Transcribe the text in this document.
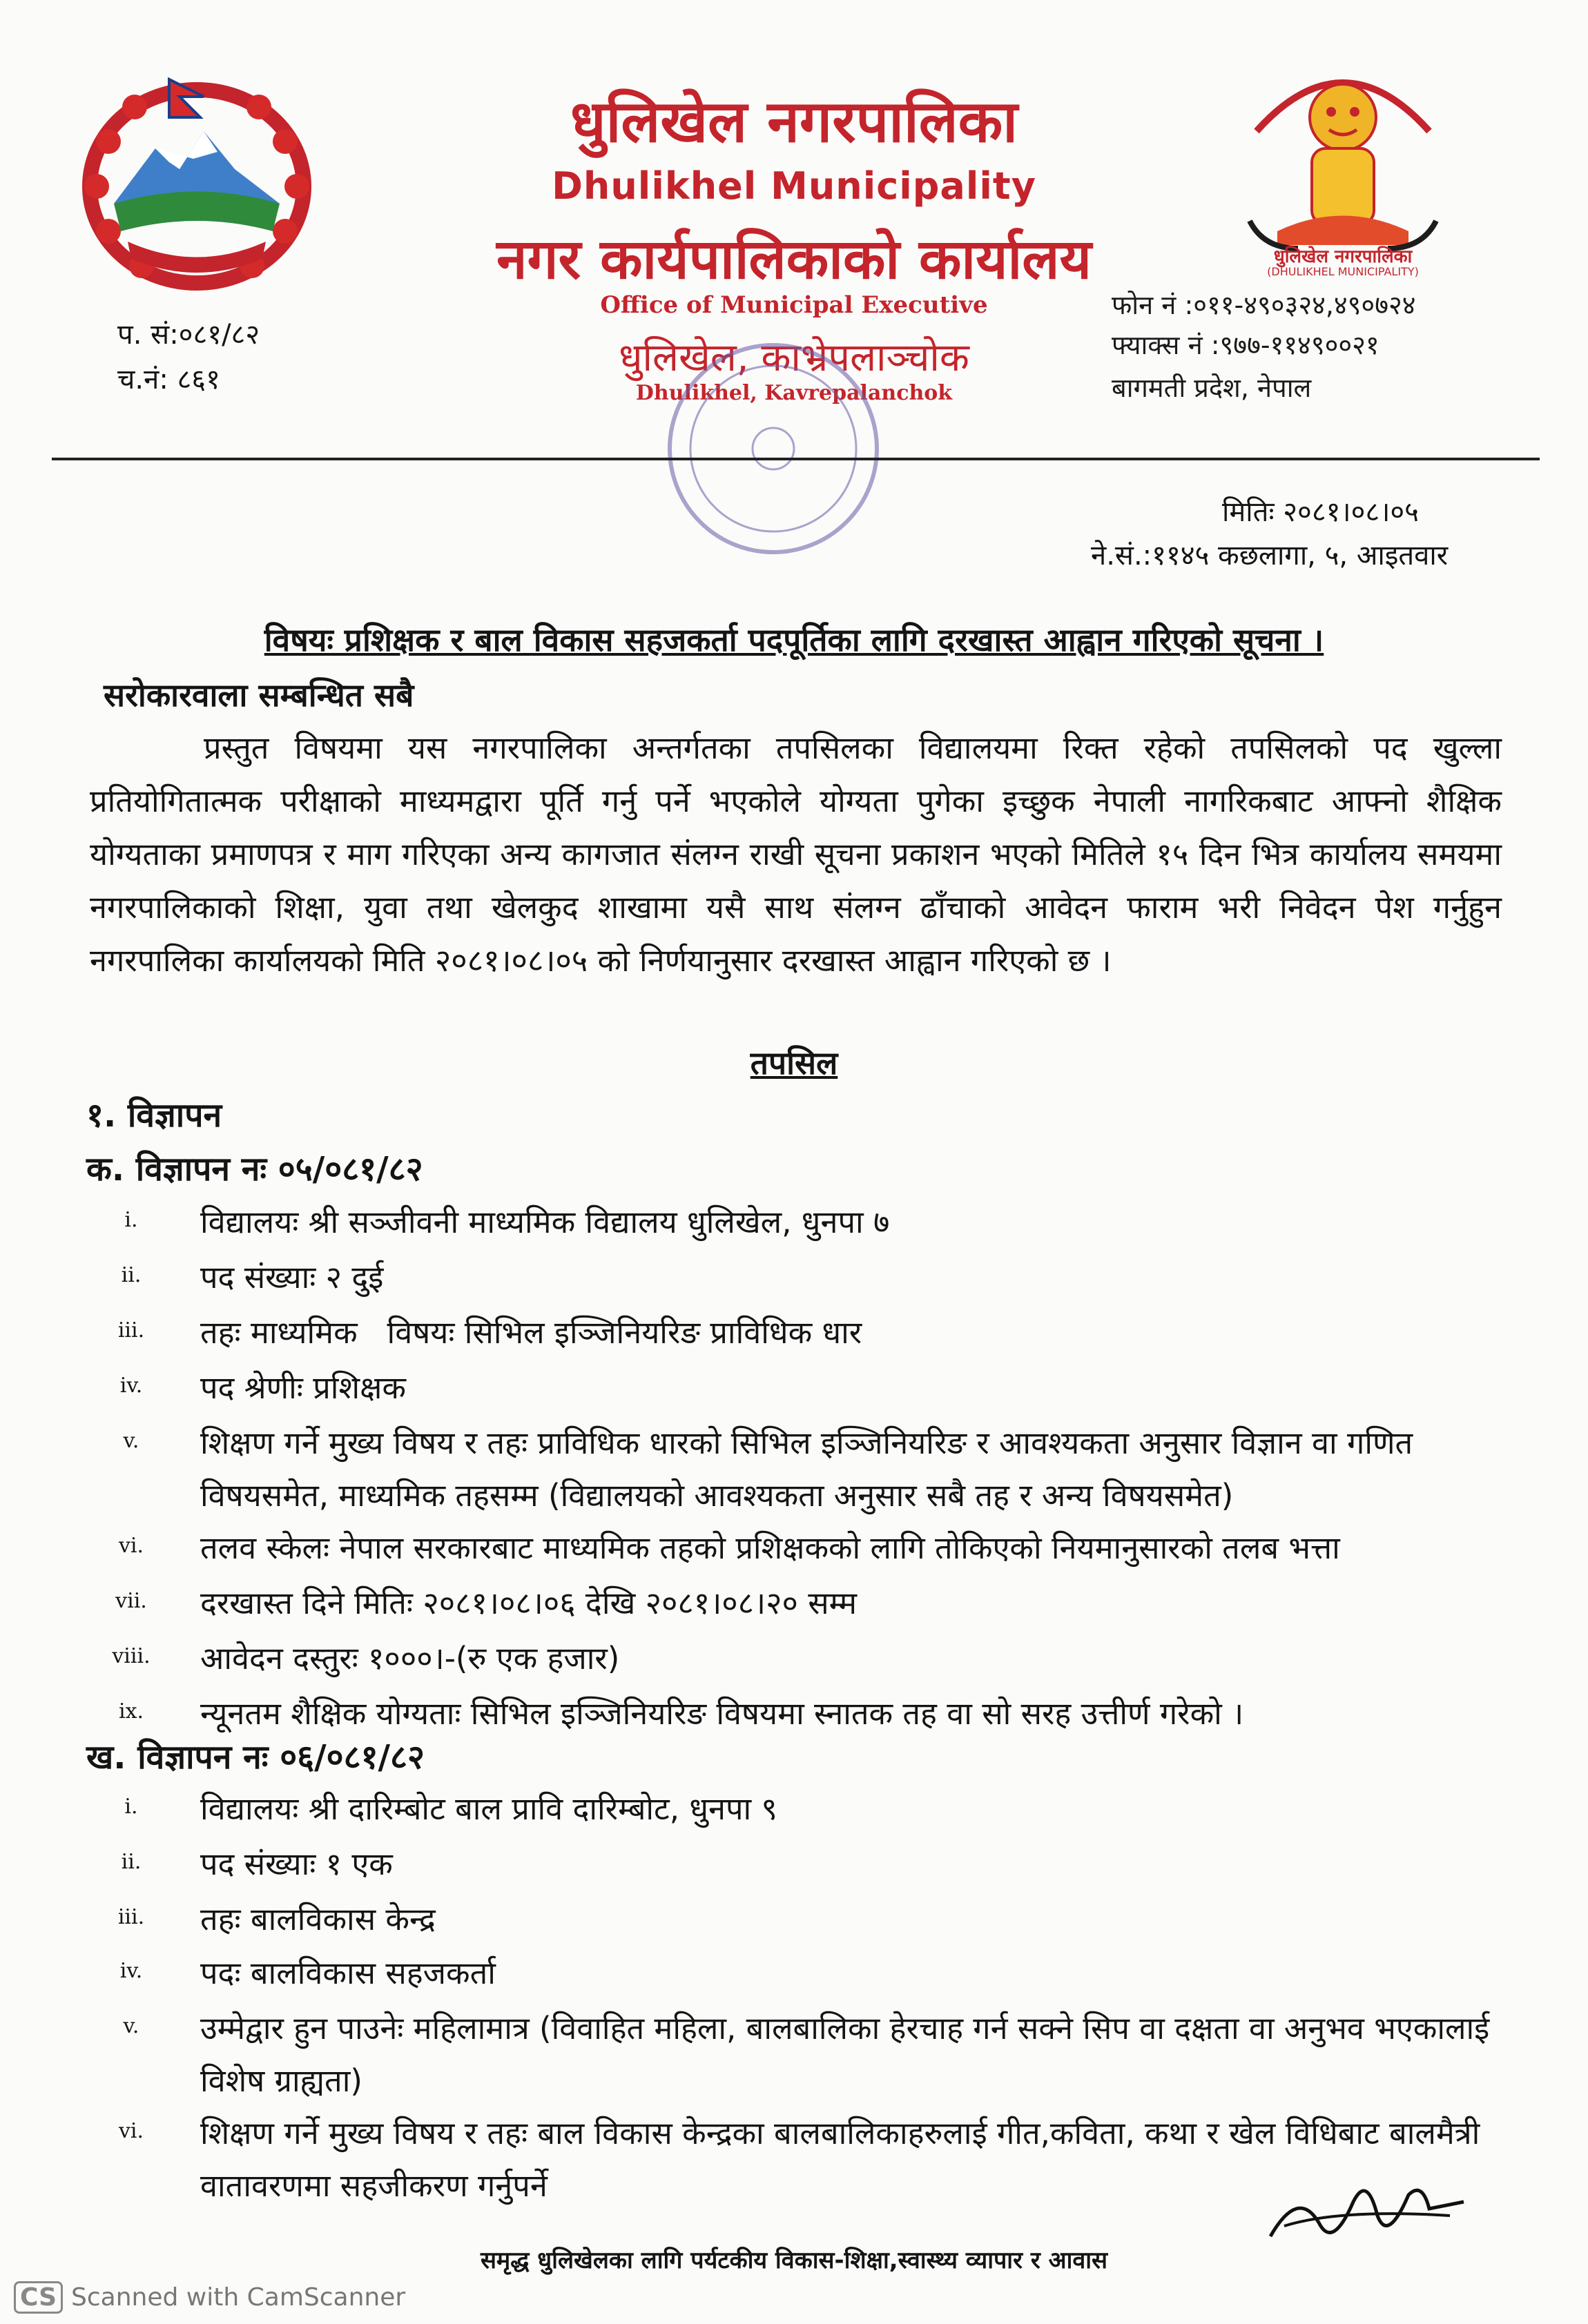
धुलिखेल नगरपालिका
(DHULIKHEL MUNICIPALITY)
धुलिखेल नगरपालिका
Dhulikhel Municipality
नगर कार्यपालिकाको कार्यालय
Office of Municipal Executive
धुलिखेल, काभ्रेपलाञ्चोक
Dhulikhel, Kavrepalanchok
प. सं:०८१/८२
च.नं: ८६१
फोन नं :०११-४९०३२४,४९०७२४
फ्याक्स नं :९७७-११४९००२१
बागमती प्रदेश, नेपाल
मितिः २०८१।०८।०५
ने.सं.:११४५ कछलागा, ५, आइतवार
विषयः प्रशिक्षक र बाल विकास सहजकर्ता पदपूर्तिका लागि दरखास्त आह्वान गरिएको सूचना ।
सरोकारवाला सम्बन्धित सबै
प्रस्तुत विषयमा यस नगरपालिका अन्तर्गतका तपसिलका विद्यालयमा रिक्त रहेको तपसिलको पद खुल्ला प्रतियोगितात्मक परीक्षाको माध्यमद्वारा पूर्ति गर्नु पर्ने भएकोले योग्यता पुगेका इच्छुक नेपाली नागरिकबाट आफ्नो शैक्षिक योग्यताका प्रमाणपत्र र माग गरिएका अन्य कागजात संलग्न राखी सूचना प्रकाशन भएको मितिले १५ दिन भित्र कार्यालय समयमा नगरपालिकाको शिक्षा, युवा तथा खेलकुद शाखामा यसै साथ संलग्न ढाँचाको आवेदन फाराम भरी निवेदन पेश गर्नुहुन नगरपालिका कार्यालयको मिति २०८१।०८।०५ को निर्णयानुसार दरखास्त आह्वान गरिएको छ ।
तपसिल
१. विज्ञापन
क. विज्ञापन नः ०५/०८१/८२
i.	विद्यालयः श्री सञ्जीवनी माध्यमिक विद्यालय धुलिखेल, धुनपा ७
ii.	पद संख्याः २ दुई
iii. तहः माध्यमिक   विषयः सिभिल इञ्जिनियरिङ प्राविधिक धार
iv.	पद श्रेणीः प्रशिक्षक
v.	शिक्षण गर्ने मुख्य विषय र तहः प्राविधिक धारको सिभिल इञ्जिनियरिङ र आवश्यकता अनुसार विज्ञान वा गणित विषयसमेत, माध्यमिक तहसम्म (विद्यालयको आवश्यकता अनुसार सबै तह र अन्य विषयसमेत)
vi. तलव स्केलः नेपाल सरकारबाट माध्यमिक तहको प्रशिक्षकको लागि तोकिएको नियमानुसारको तलब भत्ता
vii. दरखास्त दिने मितिः २०८१।०८।०६ देखि २०८१।०८।२० सम्म
viii. आवेदन दस्तुरः १०००।-(रु एक हजार)
ix. न्यूनतम शैक्षिक योग्यताः सिभिल इञ्जिनियरिङ विषयमा स्नातक तह वा सो सरह उत्तीर्ण गरेको ।
ख. विज्ञापन नः ०६/०८१/८२
i.	विद्यालयः श्री दारिम्बोट बाल प्रावि दारिम्बोट, धुनपा ९
ii.	पद संख्याः १ एक
iii. तहः बालविकास केन्द्र
iv.	पदः बालविकास सहजकर्ता
v.	उम्मेद्वार हुन पाउनेः महिलामात्र (विवाहित महिला, बालबालिका हेरचाह गर्न सक्ने सिप वा दक्षता वा अनुभव भएकालाई विशेष ग्राह्यता)
vi. शिक्षण गर्ने मुख्य विषय र तहः बाल विकास केन्द्रका बालबालिकाहरुलाई गीत,कविता, कथा र खेल विधिबाट बालमैत्री वातावरणमा सहजीकरण गर्नुपर्ने
समृद्ध धुलिखेलका लागि पर्यटकीय विकास-शिक्षा,स्वास्थ्य व्यापार र आवास
CS Scanned with CamScanner
